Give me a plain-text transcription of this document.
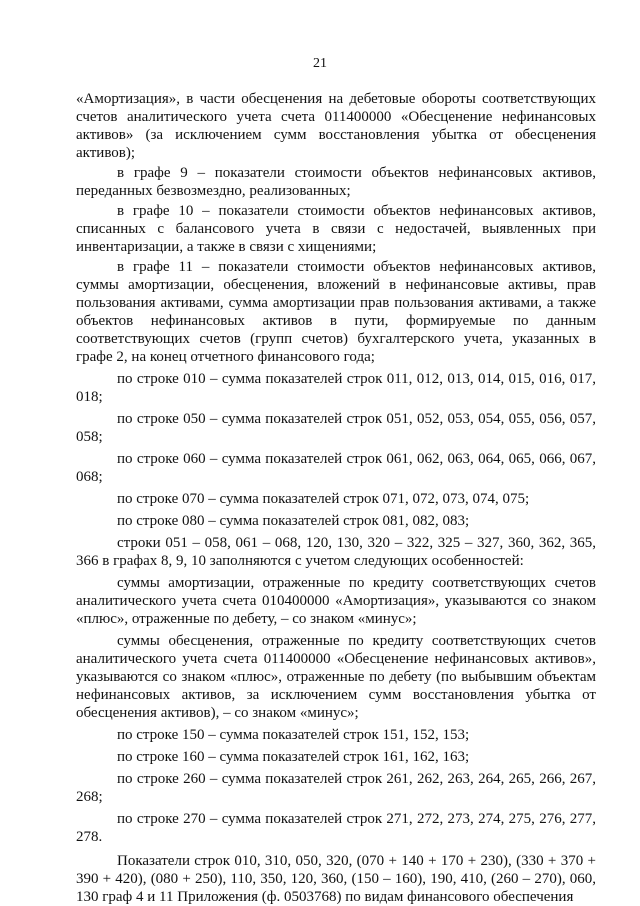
21

«Амортизация», в части обесценения на дебетовые обороты соответствующих счетов аналитического учета счета 011400000 «Обесценение нефинансовых активов» (за исключением сумм восстановления убытка от обесценения активов);

в графе 9 – показатели стоимости объектов нефинансовых активов, переданных безвозмездно, реализованных;

в графе 10 – показатели стоимости объектов нефинансовых активов, списанных с балансового учета в связи с недостачей, выявленных при инвентаризации, а также в связи с хищениями;

в графе 11 – показатели стоимости объектов нефинансовых активов, суммы амортизации, обесценения, вложений в нефинансовые активы, прав пользования активами, сумма амортизации прав пользования активами, а также объектов нефинансовых активов в пути, формируемые по данным соответствующих счетов (групп счетов) бухгалтерского учета, указанных в графе 2, на конец отчетного финансового года;

по строке 010 – сумма показателей строк 011, 012, 013, 014, 015, 016, 017, 018;

по строке 050 – сумма показателей строк 051, 052, 053, 054, 055, 056, 057, 058;

по строке 060 – сумма показателей строк 061, 062, 063, 064, 065, 066, 067, 068;

по строке 070 – сумма показателей строк 071, 072, 073, 074, 075;

по строке 080 – сумма показателей строк 081, 082, 083;

строки 051 – 058, 061 – 068, 120, 130, 320 – 322, 325 – 327, 360, 362, 365, 366 в графах 8, 9, 10 заполняются с учетом следующих особенностей:

суммы амортизации, отраженные по кредиту соответствующих счетов аналитического учета счета 010400000 «Амортизация», указываются со знаком «плюс», отраженные по дебету, – со знаком «минус»;

суммы обесценения, отраженные по кредиту соответствующих счетов аналитического учета счета 011400000 «Обесценение нефинансовых активов», указываются со знаком «плюс», отраженные по дебету (по выбывшим объектам нефинансовых активов, за исключением сумм восстановления убытка от обесценения активов), – со знаком «минус»;

по строке 150 – сумма показателей строк 151, 152, 153;

по строке 160 – сумма показателей строк 161, 162, 163;

по строке 260 – сумма показателей строк 261, 262, 263, 264, 265, 266, 267, 268;

по строке 270 – сумма показателей строк 271, 272, 273, 274, 275, 276, 277, 278.

Показатели строк 010, 310, 050, 320, (070 + 140 + 170 + 230), (330 + 370 + 390 + 420), (080 + 250), 110, 350, 120, 360, (150 – 160), 190, 410, (260 – 270), 060, 130 граф 4 и 11 Приложения (ф. 0503768) по видам финансового обеспечения
